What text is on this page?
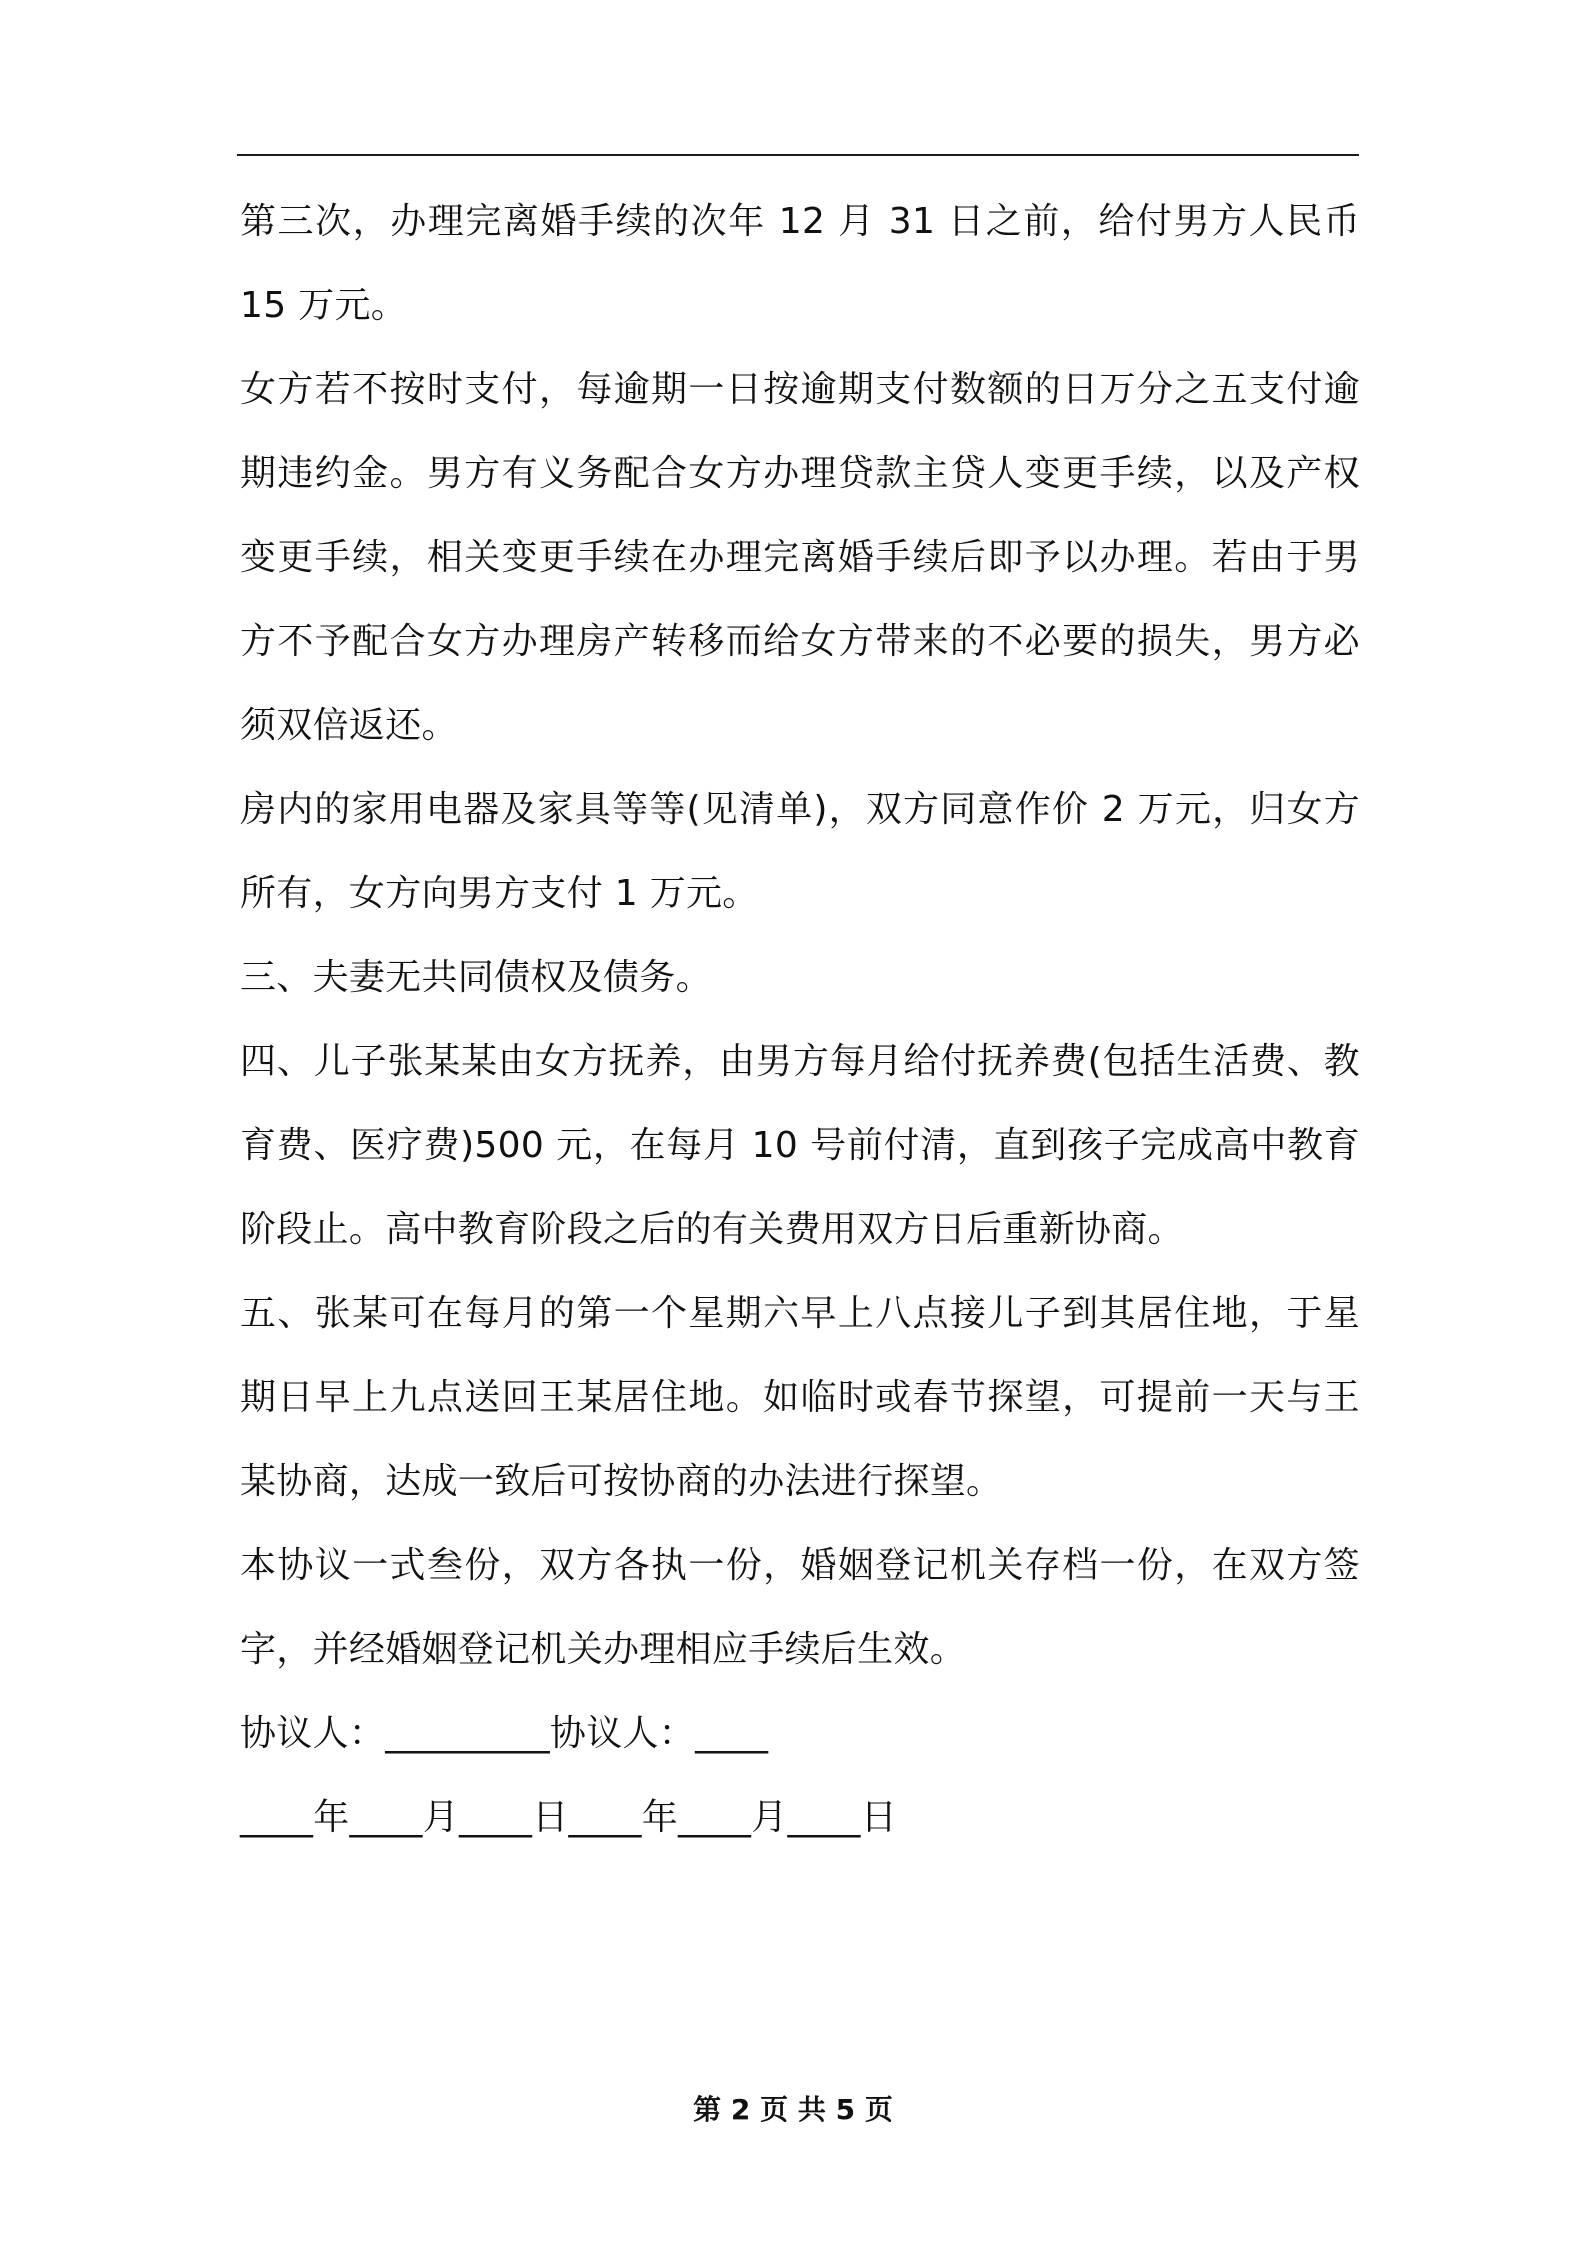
第三次，办理完离婚手续的次年 12 月 31 日之前，给付男方人民币 15 万元。

女方若不按时支付，每逾期一日按逾期支付数额的日万分之五支付逾期违约金。男方有义务配合女方办理贷款主贷人变更手续，以及产权变更手续，相关变更手续在办理完离婚手续后即予以办理。若由于男方不予配合女方办理房产转移而给女方带来的不必要的损失，男方必须双倍返还。

房内的家用电器及家具等等(见清单)，双方同意作价 2 万元，归女方所有，女方向男方支付 1 万元。

三、夫妻无共同债权及债务。

四、儿子张某某由女方抚养，由男方每月给付抚养费(包括生活费、教育费、医疗费)500 元，在每月 10 号前付清，直到孩子完成高中教育阶段止。高中教育阶段之后的有关费用双方日后重新协商。

五、张某可在每月的第一个星期六早上八点接儿子到其居住地，于星期日早上九点送回王某居住地。如临时或春节探望，可提前一天与王某协商，达成一致后可按协商的办法进行探望。

本协议一式叁份，双方各执一份，婚姻登记机关存档一份，在双方签字，并经婚姻登记机关办理相应手续后生效。

协议人：_________协议人：____

____年____月____日____年____月____日

第 2 页 共 5 页
